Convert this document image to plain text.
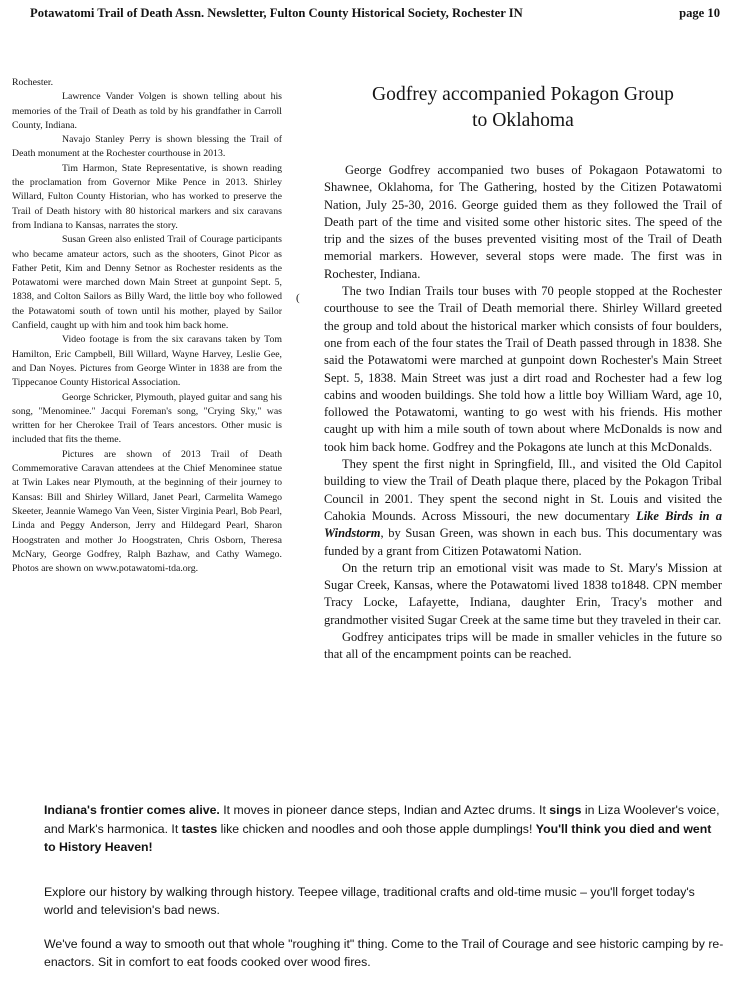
Potawatomi Trail of Death Assn. Newsletter, Fulton County Historical Society, Rochester IN	page 10

Rochester.

Lawrence Vander Volgen is shown telling about his memories of the Trail of Death as told by his grandfather in Carroll County, Indiana.

Navajo Stanley Perry is shown blessing the Trail of Death monument at the Rochester courthouse in 2013.

Tim Harmon, State Representative, is shown reading the proclamation from Governor Mike Pence in 2013. Shirley Willard, Fulton County Historian, who has worked to preserve the Trail of Death history with 80 historical markers and six caravans from Indiana to Kansas, narrates the story.

Susan Green also enlisted Trail of Courage participants who became amateur actors, such as the shooters, Ginot Picor as Father Petit, Kim and Denny Setnor as Rochester residents as the Potawatomi were marched down Main Street at gunpoint Sept. 5, 1838, and Colton Sailors as Billy Ward, the little boy who followed the Potawatomi south of town until his mother, played by Sailor Canfield, caught up with him and took him back home.

Video footage is from the six caravans taken by Tom Hamilton, Eric Campbell, Bill Willard, Wayne Harvey, Leslie Gee, and Dan Noyes. Pictures from George Winter in 1838 are from the Tippecanoe County Historical Association.

George Schricker, Plymouth, played guitar and sang his song, "Menominee." Jacqui Foreman's song, "Crying Sky," was written for her Cherokee Trail of Tears ancestors. Other music is included that fits the theme.

Pictures are shown of 2013 Trail of Death Commemorative Caravan attendees at the Chief Menominee statue at Twin Lakes near Plymouth, at the beginning of their journey to Kansas: Bill and Shirley Willard, Janet Pearl, Carmelita Wamego Skeeter, Jeannie Wamego Van Veen, Sister Virginia Pearl, Bob Pearl, Linda and Peggy Anderson, Jerry and Hildegard Pearl, Sharon Hoogstraten and mother Jo Hoogstraten, Chris Osborn, Theresa McNary, George Godfrey, Ralph Bazhaw, and Cathy Wamego. Photos are shown on www.potawatomi-tda.org.

(
Godfrey accompanied Pokagon Group
to Oklahoma

George Godfrey accompanied two buses of Pokagaon Potawatomi to Shawnee, Oklahoma, for The Gathering, hosted by the Citizen Potawatomi Nation, July 25-30, 2016. George guided them as they followed the Trail of Death part of the time and visited some other historic sites. The speed of the trip and the sizes of the buses prevented visiting most of the Trail of Death memorial markers. However, several stops were made. The first was in Rochester, Indiana.

The two Indian Trails tour buses with 70 people stopped at the Rochester courthouse to see the Trail of Death memorial there. Shirley Willard greeted the group and told about the historical marker which consists of four boulders, one from each of the four states the Trail of Death passed through in 1838. She said the Potawatomi were marched at gunpoint down Rochester's Main Street Sept. 5, 1838. Main Street was just a dirt road and Rochester had a few log cabins and wooden buildings. She told how a little boy William Ward, age 10, followed the Potawatomi, wanting to go west with his friends. His mother caught up with him a mile south of town about where McDonalds is now and took him back home. Godfrey and the Pokagons ate lunch at this McDonalds.

They spent the first night in Springfield, Ill., and visited the Old Capitol building to view the Trail of Death plaque there, placed by the Pokagon Tribal Council in 2001. They spent the second night in St. Louis and visited the Cahokia Mounds. Across Missouri, the new documentary Like Birds in a Windstorm, by Susan Green, was shown in each bus. This documentary was funded by a grant from Citizen Potawatomi Nation.

On the return trip an emotional visit was made to St. Mary's Mission at Sugar Creek, Kansas, where the Potawatomi lived 1838 to1848. CPN member Tracy Locke, Lafayette, Indiana, daughter Erin, Tracy's mother and grandmother visited Sugar Creek at the same time but they traveled in their car.

Godfrey anticipates trips will be made in smaller vehicles in the future so that all of the encampment points can be reached.

Indiana's frontier comes alive. It moves in pioneer dance steps, Indian and Aztec drums. It sings in Liza Woolever's voice, and Mark's harmonica. It tastes like chicken and noodles and ooh those apple dumplings! You'll think you died and went to History Heaven!

Explore our history by walking through history. Teepee village, traditional crafts and old-time music – you'll forget today's world and television's bad news.

We've found a way to smooth out that whole "roughing it" thing. Come to the Trail of Courage and see historic camping by re-enactors. Sit in comfort to eat foods cooked over wood fires.
